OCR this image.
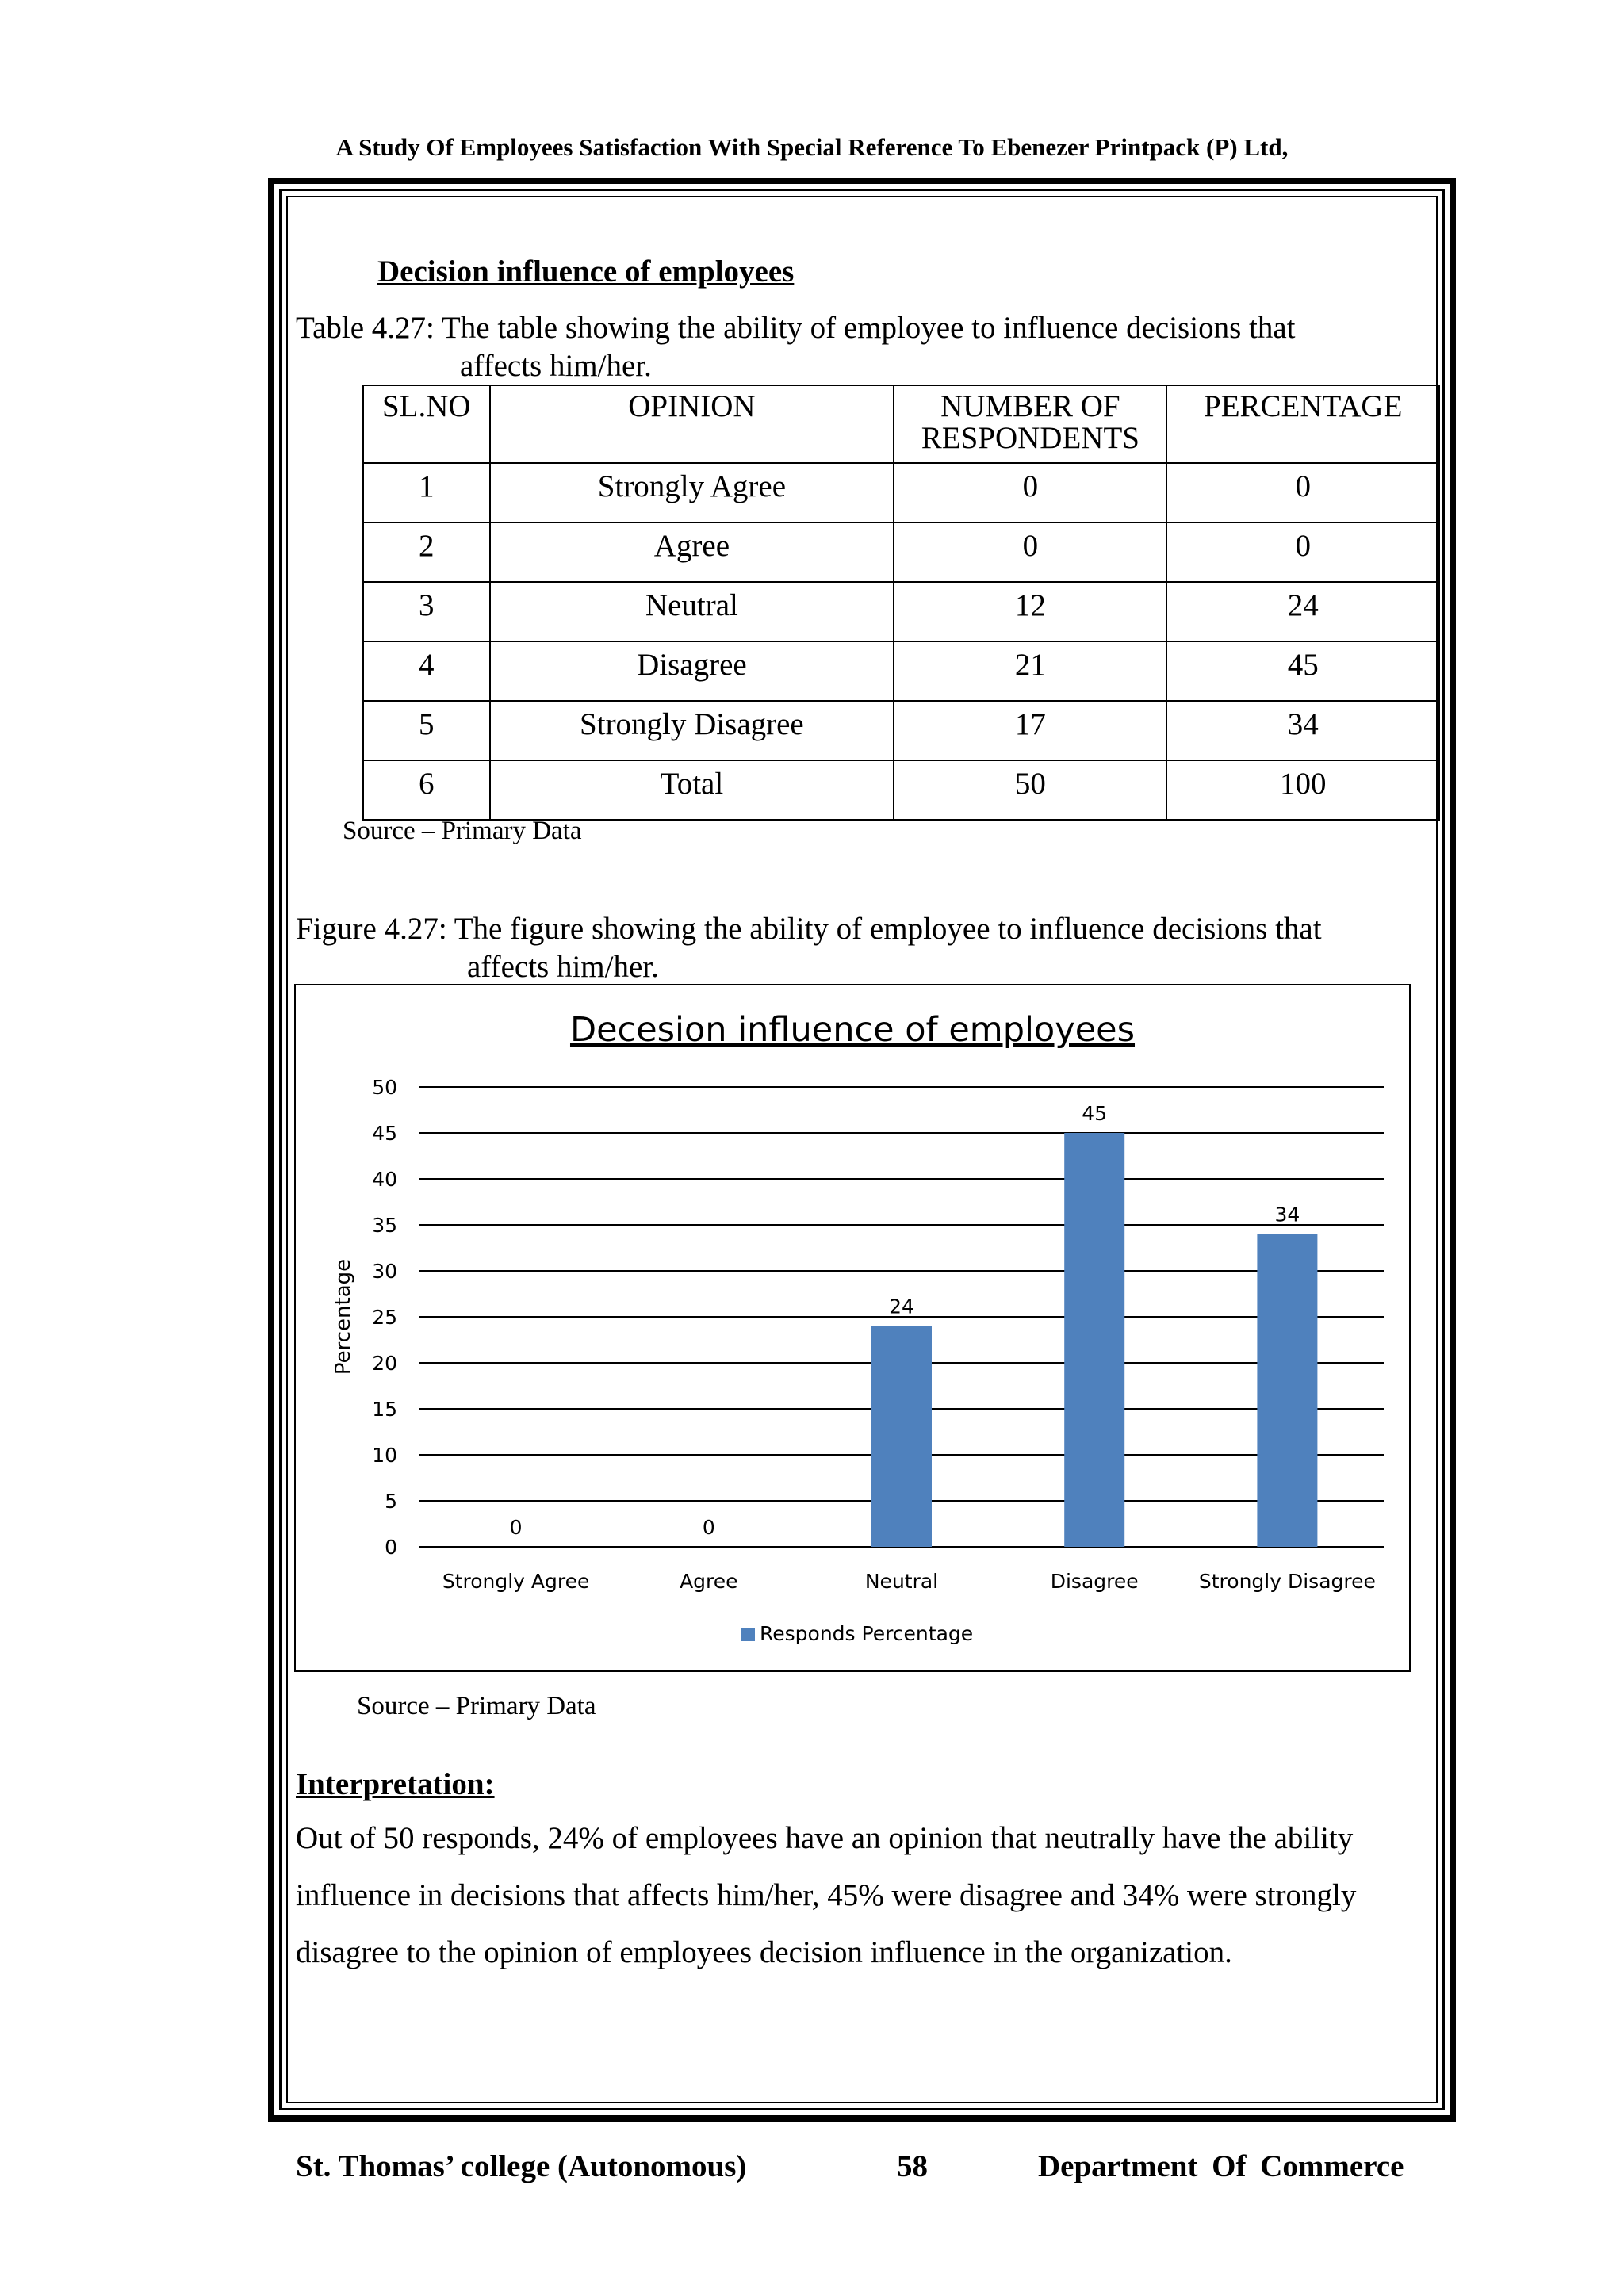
A Study Of Employees Satisfaction With Special Reference To Ebenezer Printpack (P) Ltd,
Decision influence of employees
Table 4.27: The table showing the ability of employee to influence decisions that
affects him/her.
SL.NO	OPINION	NUMBER OF RESPONDENTS	PERCENTAGE
1	Strongly Agree	0	0
2	Agree	0	0
3	Neutral	12	24
4	Disagree	21	45
5	Strongly Disagree	17	34
6	Total	50	100
Source – Primary Data
Figure 4.27: The figure showing the ability of employee to influence decisions that
affects him/her.
Decesion influence of employees
0
5
10
15
20
25
30
35
40
45
50
Percentage
0
Strongly Agree
0
Agree
24
Neutral
45
Disagree
34
Strongly Disagree
Responds Percentage
Source – Primary Data
Interpretation:
Out of 50 responds, 24% of employees have an opinion that neutrally have the ability influence in decisions that affects him/her, 45% were disagree and 34% were strongly disagree to the opinion of employees decision influence in the organization.
St. Thomas’ college (Autonomous)	58	Department Of Commerce
